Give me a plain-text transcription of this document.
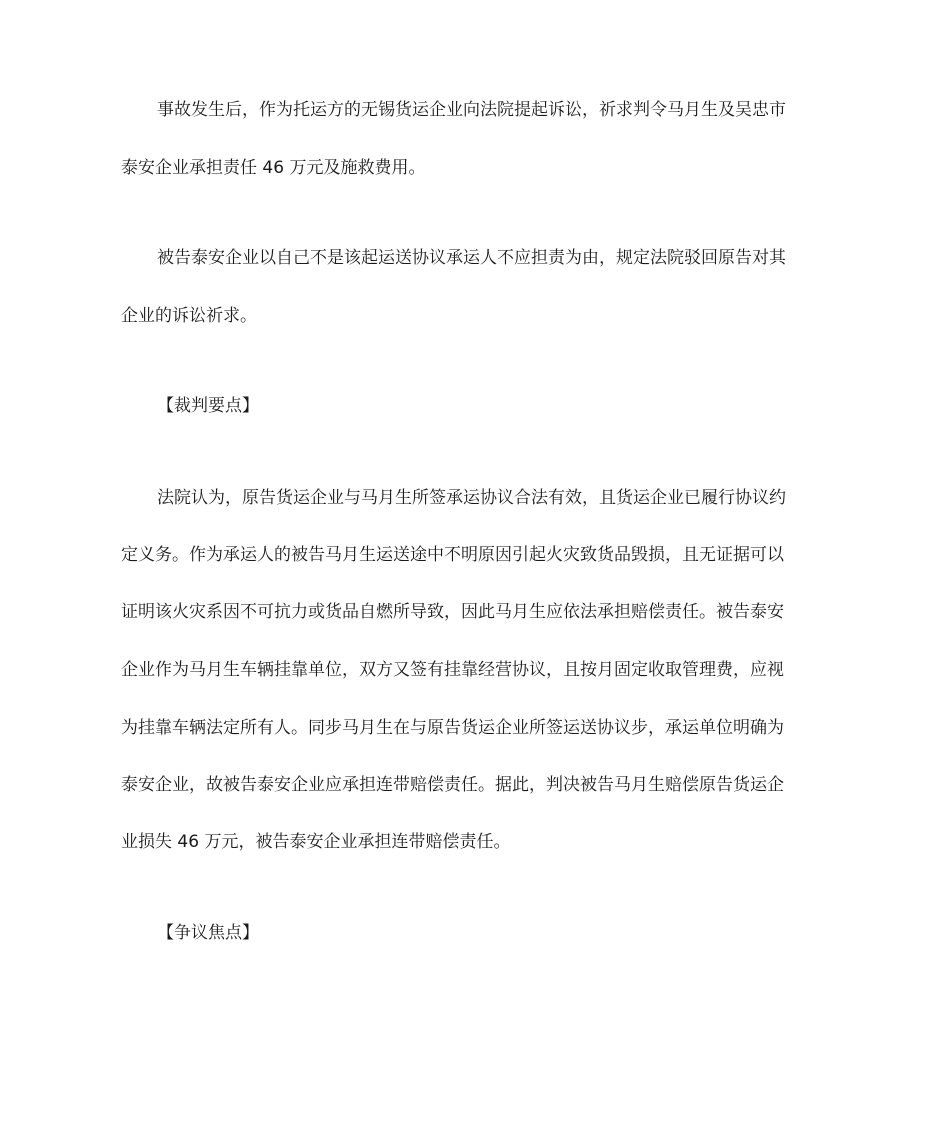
事故发生后，作为托运方的无锡货运企业向法院提起诉讼，祈求判令马月生及吴忠市
泰安企业承担责任 46 万元及施救费用。
被告泰安企业以自己不是该起运送协议承运人不应担责为由，规定法院驳回原告对其
企业的诉讼祈求。
【裁判要点】
法院认为，原告货运企业与马月生所签承运协议合法有效，且货运企业已履行协议约
定义务。作为承运人的被告马月生运送途中不明原因引起火灾致货品毁损，且无证据可以
证明该火灾系因不可抗力或货品自燃所导致，因此马月生应依法承担赔偿责任。被告泰安
企业作为马月生车辆挂靠单位，双方又签有挂靠经营协议，且按月固定收取管理费，应视
为挂靠车辆法定所有人。同步马月生在与原告货运企业所签运送协议步，承运单位明确为
泰安企业，故被告泰安企业应承担连带赔偿责任。据此，判决被告马月生赔偿原告货运企
业损失 46 万元，被告泰安企业承担连带赔偿责任。
【争议焦点】
